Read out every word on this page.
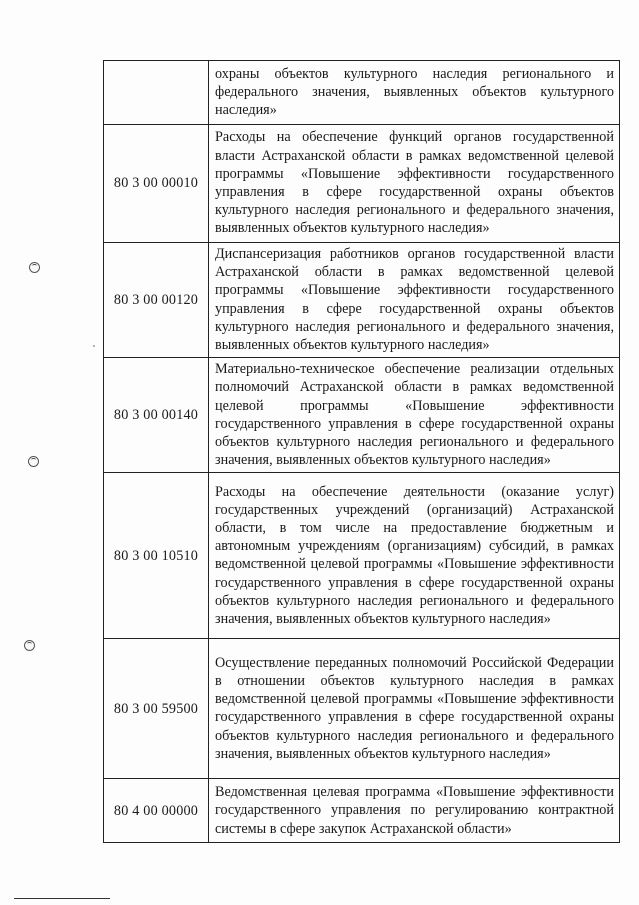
	охраны объектов культурного наследия регионального и федерального значения, выявленных объектов культурного наследия»
80 3 00 00010	Расходы на обеспечение функций органов государственной власти Астраханской области в рамках ведомственной целевой программы «Повышение эффективности государственного управления в сфере государственной охраны объектов культурного наследия регионального и федерального значения, выявленных объектов культурного наследия»
80 3 00 00120	Диспансеризация работников органов государственной власти Астраханской области в рамках ведомственной целевой программы «Повышение эффективности государственного управления в сфере государственной охраны объектов культурного наследия регионального и федерального значения, выявленных объектов культурного наследия»
80 3 00 00140	Материально-техническое обеспечение реализации отдельных полномочий Астраханской области в рамках ведомственной целевой программы «Повышение эффективности государственного управления в сфере государственной охраны объектов культурного наследия регионального и федерального значения, выявленных объектов культурного наследия»
80 3 00 10510	Расходы на обеспечение деятельности (оказание услуг) государственных учреждений (организаций) Астраханской области, в том числе на предоставление бюджетным и автономным учреждениям (организациям) субсидий, в рамках ведомственной целевой программы «Повышение эффективности государственного управления в сфере государственной охраны объектов культурного наследия регионального и федерального значения, выявленных объектов культурного наследия»
80 3 00 59500	Осуществление переданных полномочий Российской Федерации в отношении объектов культурного наследия в рамках ведомственной целевой программы «Повышение эффективности государственного управления в сфере государственной охраны объектов культурного наследия регионального и федерального значения, выявленных объектов культурного наследия»
80 4 00 00000	Ведомственная целевая программа «Повышение эффективности государственного управления по регулированию контрактной системы в сфере закупок Астраханской области»
